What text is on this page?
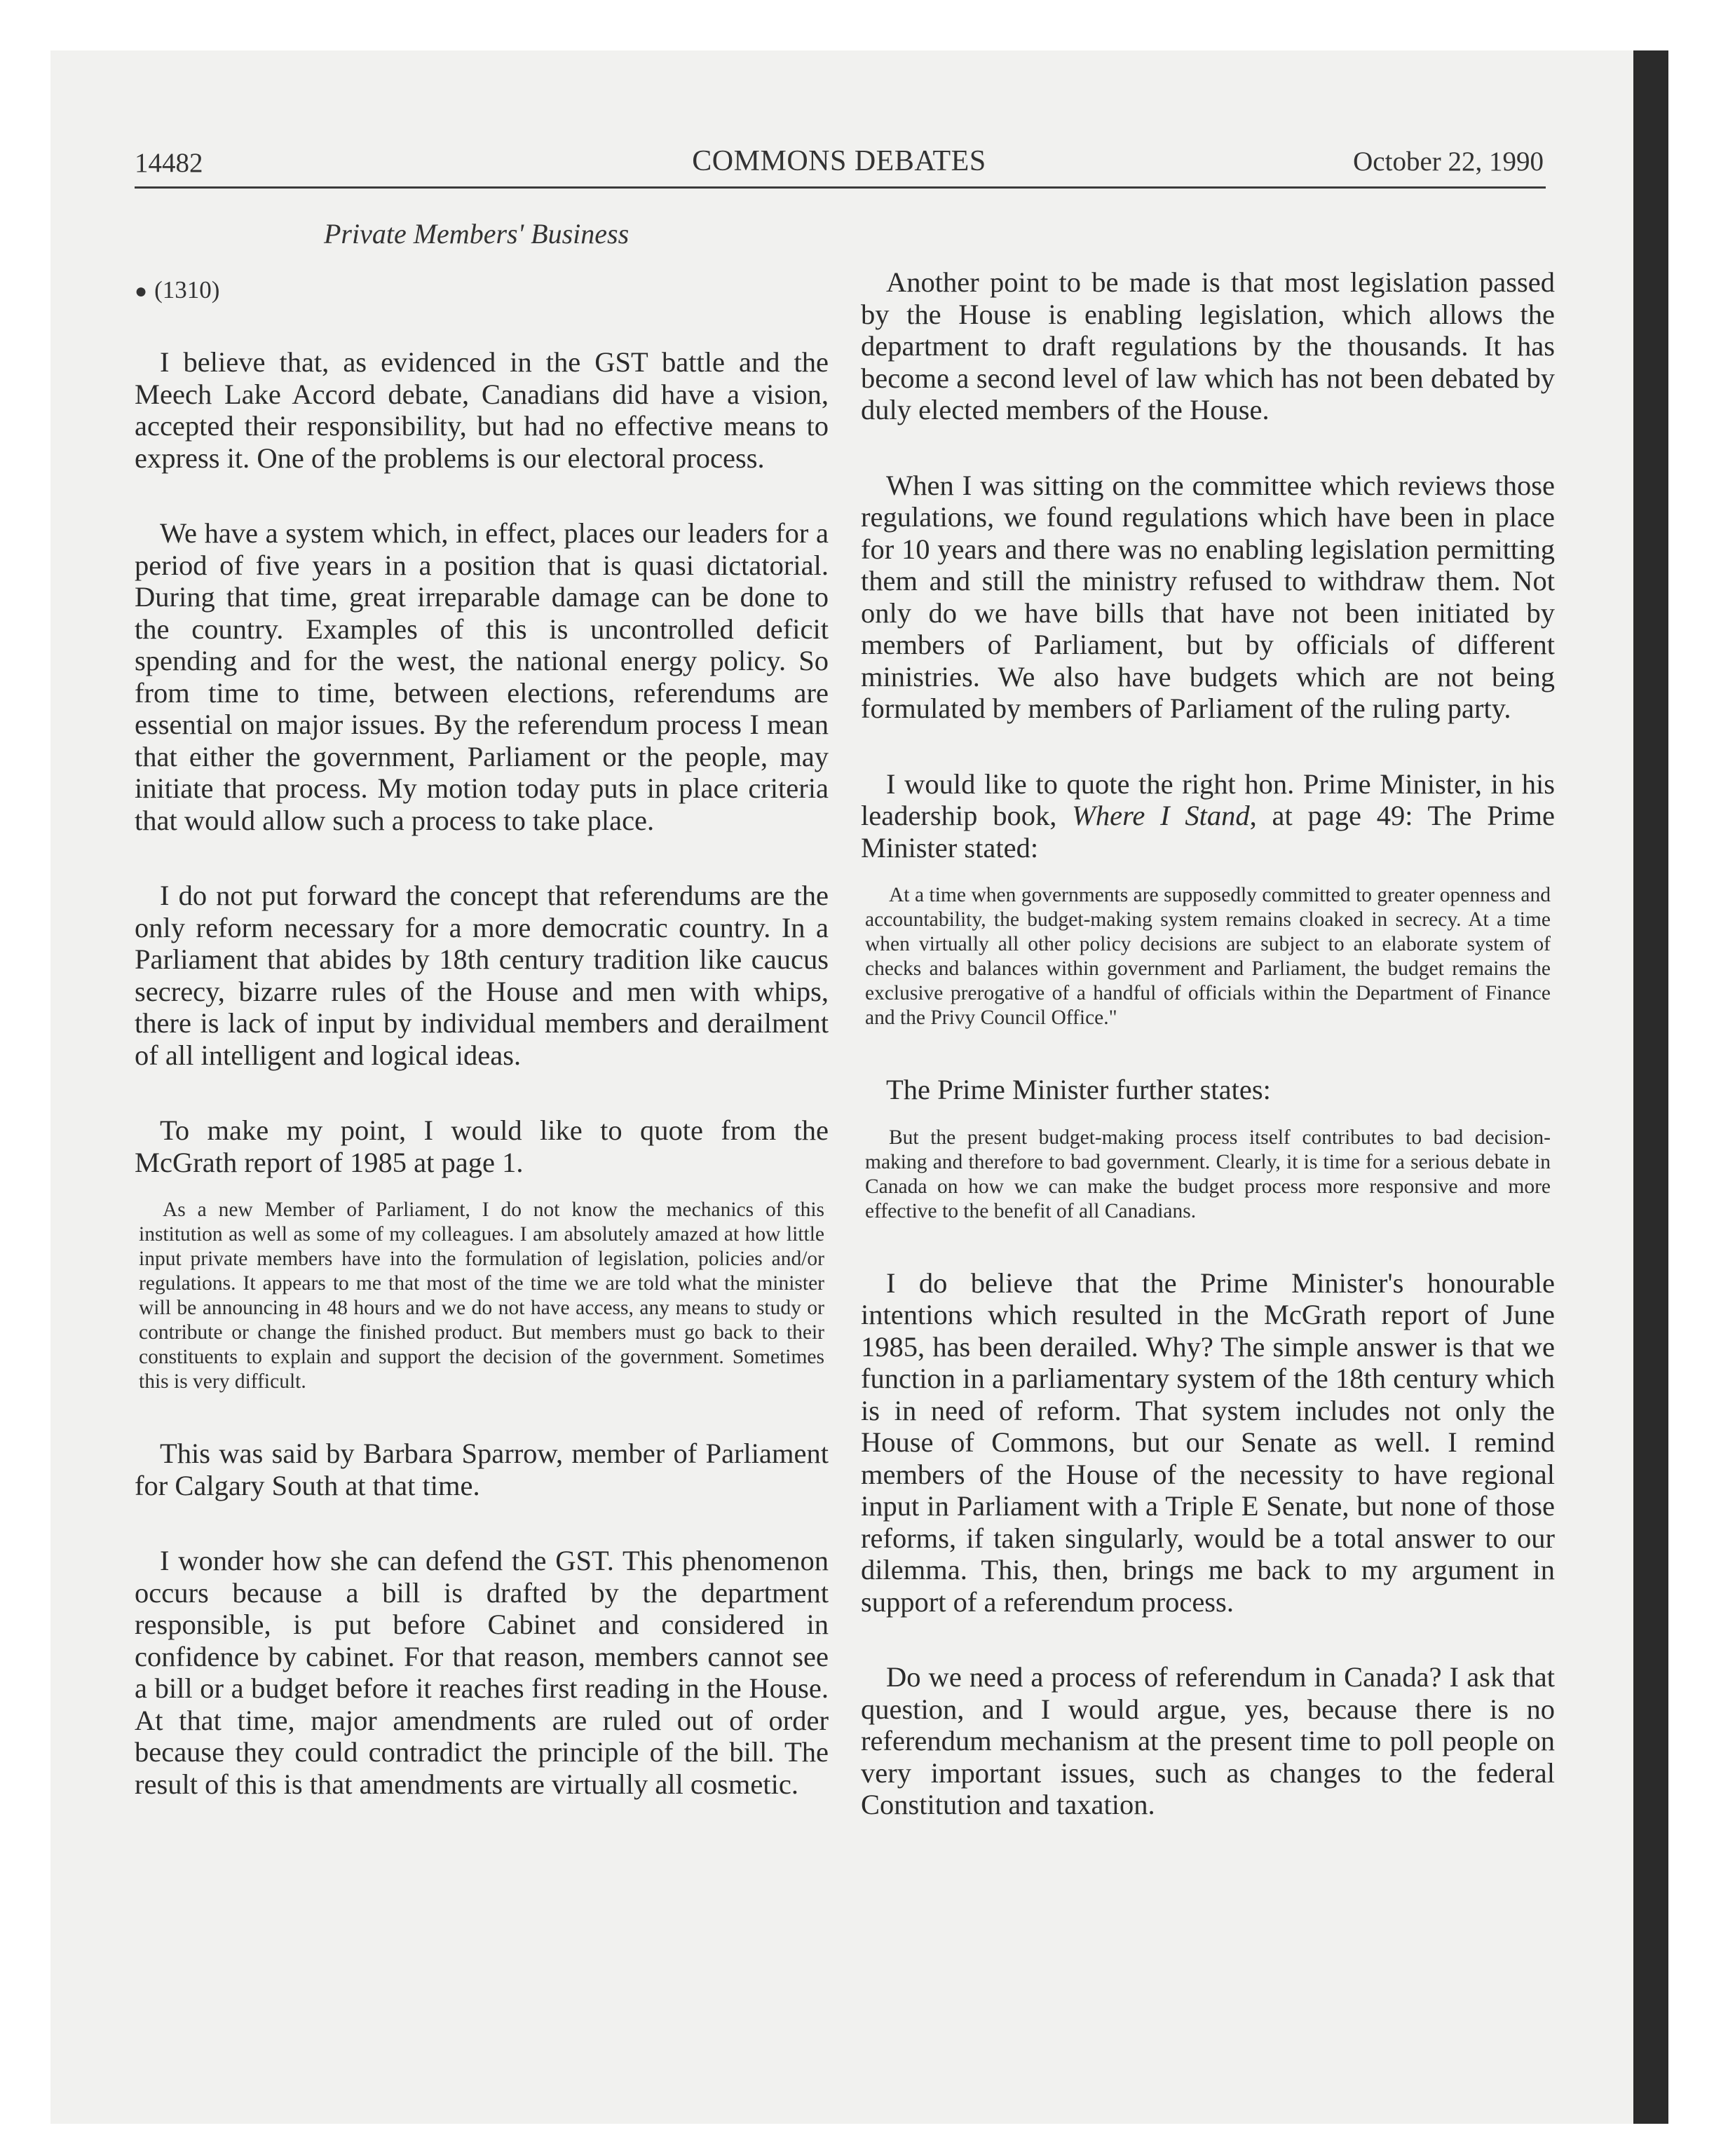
14482	COMMONS DEBATES	October 22, 1990
Private Members' Business
● (1310)

I believe that, as evidenced in the GST battle and the Meech Lake Accord debate, Canadians did have a vision, accepted their responsibility, but had no effective means to express it. One of the problems is our electoral process.

We have a system which, in effect, places our leaders for a period of five years in a position that is quasi dictatorial. During that time, great irreparable damage can be done to the country. Examples of this is uncontrolled deficit spending and for the west, the national energy policy. So from time to time, between elections, referendums are essential on major issues. By the referendum process I mean that either the government, Parliament or the people, may initiate that process. My motion today puts in place criteria that would allow such a process to take place.

I do not put forward the concept that referendums are the only reform necessary for a more democratic country. In a Parliament that abides by 18th century tradition like caucus secrecy, bizarre rules of the House and men with whips, there is lack of input by individual members and derailment of all intelligent and logical ideas.

To make my point, I would like to quote from the McGrath report of 1985 at page 1.

As a new Member of Parliament, I do not know the mechanics of this institution as well as some of my colleagues. I am absolutely amazed at how little input private members have into the formulation of legislation, policies and/or regulations. It appears to me that most of the time we are told what the minister will be announcing in 48 hours and we do not have access, any means to study or contribute or change the finished product. But members must go back to their constituents to explain and support the decision of the government. Sometimes this is very difficult.

This was said by Barbara Sparrow, member of Parliament for Calgary South at that time.

I wonder how she can defend the GST. This phenomenon occurs because a bill is drafted by the department responsible, is put before Cabinet and considered in confidence by cabinet. For that reason, members cannot see a bill or a budget before it reaches first reading in the House. At that time, major amendments are ruled out of order because they could contradict the principle of the bill. The result of this is that amendments are virtually all cosmetic.

Another point to be made is that most legislation passed by the House is enabling legislation, which allows the department to draft regulations by the thousands. It has become a second level of law which has not been debated by duly elected members of the House.

When I was sitting on the committee which reviews those regulations, we found regulations which have been in place for 10 years and there was no enabling legislation permitting them and still the ministry refused to withdraw them. Not only do we have bills that have not been initiated by members of Parliament, but by officials of different ministries. We also have budgets which are not being formulated by members of Parliament of the ruling party.

I would like to quote the right hon. Prime Minister, in his leadership book, Where I Stand, at page 49: The Prime Minister stated:

At a time when governments are supposedly committed to greater openness and accountability, the budget-making system remains cloaked in secrecy. At a time when virtually all other policy decisions are subject to an elaborate system of checks and balances within government and Parliament, the budget remains the exclusive prerogative of a handful of officials within the Department of Finance and the Privy Council Office."

The Prime Minister further states:

But the present budget-making process itself contributes to bad decision-making and therefore to bad government. Clearly, it is time for a serious debate in Canada on how we can make the budget process more responsive and more effective to the benefit of all Canadians.

I do believe that the Prime Minister's honourable intentions which resulted in the McGrath report of June 1985, has been derailed. Why? The simple answer is that we function in a parliamentary system of the 18th century which is in need of reform. That system includes not only the House of Commons, but our Senate as well. I remind members of the House of the necessity to have regional input in Parliament with a Triple E Senate, but none of those reforms, if taken singularly, would be a total answer to our dilemma. This, then, brings me back to my argument in support of a referendum process.

Do we need a process of referendum in Canada? I ask that question, and I would argue, yes, because there is no referendum mechanism at the present time to poll people on very important issues, such as changes to the federal Constitution and taxation.
